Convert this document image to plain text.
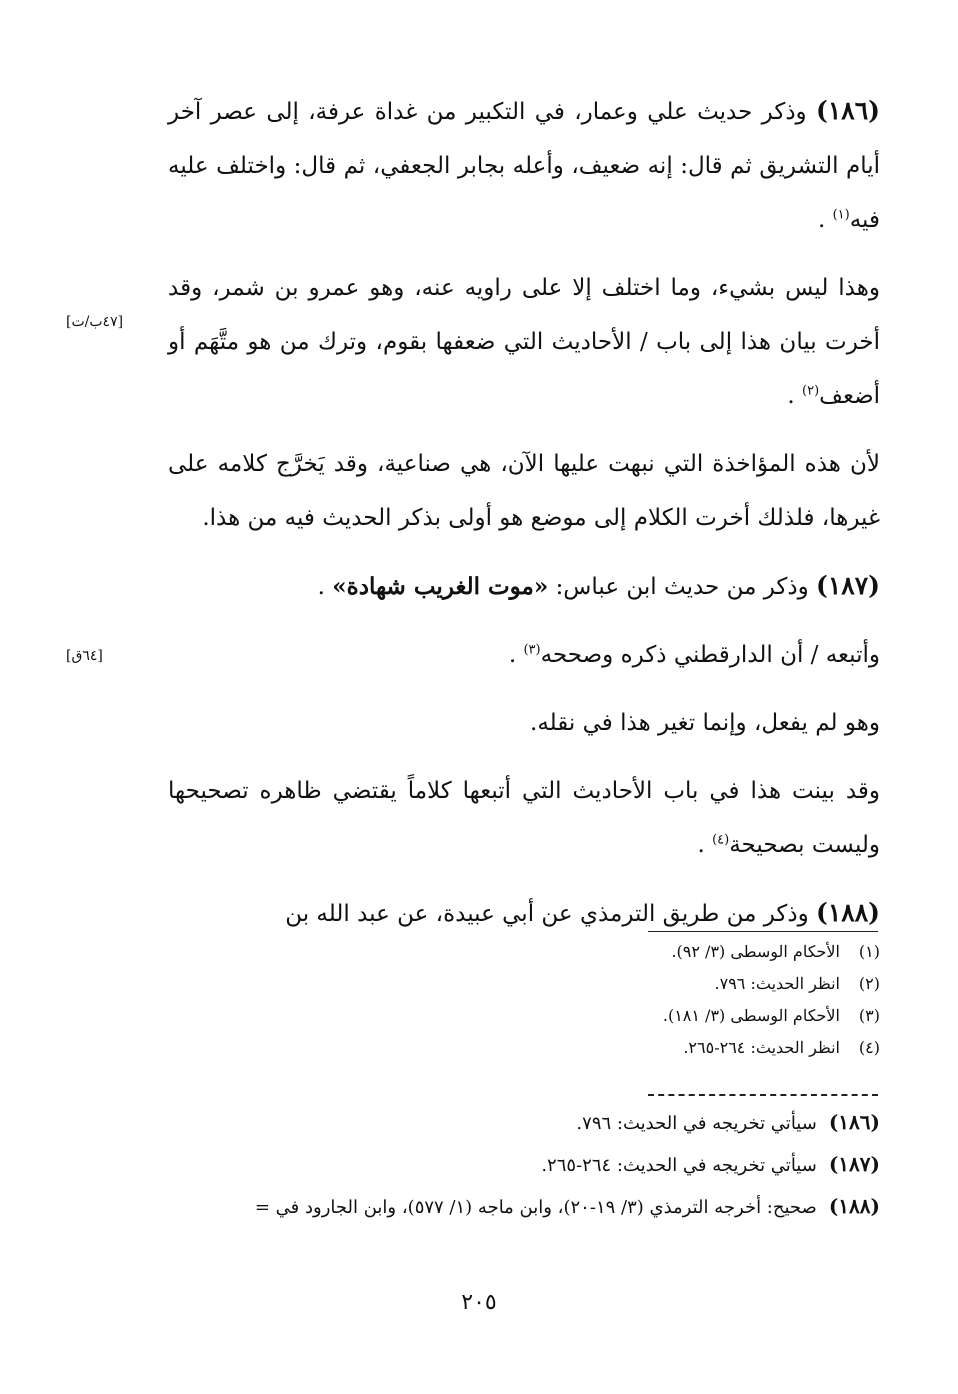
(١٨٦) وذكر حديث علي وعمار، في التكبير من غداة عرفة، إلى عصر آخر أيام التشريق ثم قال: إنه ضعيف، وأعله بجابر الجعفي، ثم قال: واختلف عليه فيه$^{(١)}$ .

وهذا ليس بشيء، وما اختلف إلا على راويه عنه، وهو عمرو بن شمر، وقد أخرت بيان هذا إلى باب / الأحاديث التي ضعفها بقوم، وترك من هو متَّهَم أو أضعف$^{(٢)}$ .

لأن هذه المؤاخذة التي نبهت عليها الآن، هي صناعية، وقد يَخرَّج كلامه على غيرها، فلذلك أخرت الكلام إلى موضع هو أولى بذكر الحديث فيه من هذا.

(١٨٧) وذكر من حديث ابن عباس: «موت الغريب شهادة» .

وأتبعه / أن الدارقطني ذكره وصححه$^{(٣)}$ .

وهو لم يفعل، وإنما تغير هذا في نقله.

وقد بينت هذا في باب الأحاديث التي أتبعها كلاماً يقتضي ظاهره تصحيحها وليست بصحيحة$^{(٤)}$ .

(١٨٨) وذكر من طريق الترمذي عن أبي عبيدة، عن عبد الله بن

[٤٧ب/ت]
[٦٤ق]

(١)الأحكام الوسطى (٣/ ٩٢).

(٢)انظر الحديث: ٧٩٦.

(٣)الأحكام الوسطى (٣/ ١٨١).

(٤)انظر الحديث: ٢٦٤-٢٦٥.

(١٨٦)سيأتي تخريجه في الحديث: ٧٩٦.
(١٨٧)سيأتي تخريجه في الحديث: ٢٦٤-٢٦٥.
(١٨٨)صحيح: أخرجه الترمذي (٣/ ١٩-٢٠)، وابن ماجه (١/ ٥٧٧)، وابن الجارود في =
٢٠٥
